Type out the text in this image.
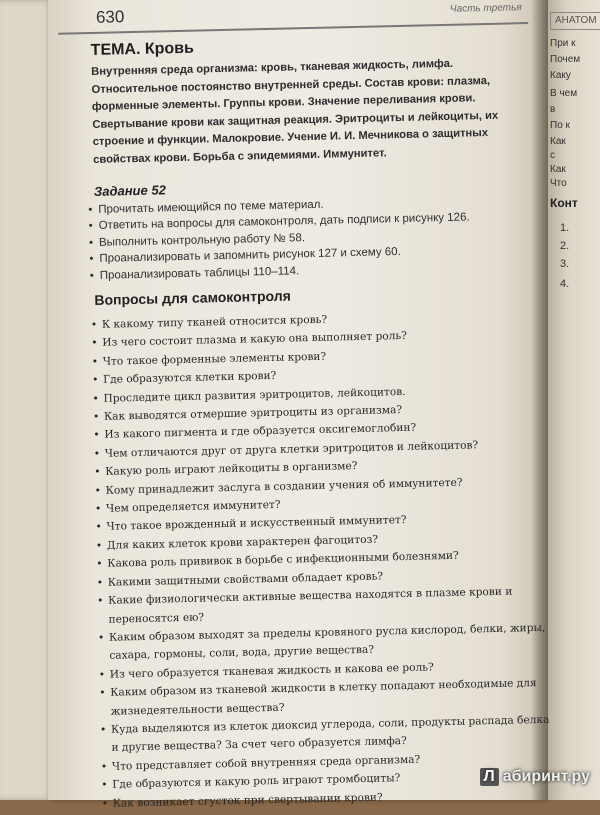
АНАТОМ
При к
Почем
Каку
В чем
в
По к
Как
с
Как
Что
Конт
1.
2.
3.
4.
630	Часть третья
ТЕМА. Кровь
Внутренняя среда организма: кровь, тканевая жидкость, лимфа. Относительное постоянство внутренней среды. Состав крови: плазма, форменные элементы. Группы крови. Значение переливания крови. Свертывание крови как защитная реакция. Эритроциты и лейкоциты, их строение и функции. Малокровие. Учение И. И. Мечникова о защитных свойствах крови. Борьба с эпидемиями. Иммунитет.
Задание 52
• Прочитать имеющийся по теме материал.
• Ответить на вопросы для самоконтроля, дать подписи к рисунку 126.
• Выполнить контрольную работу № 58.
• Проанализировать и запомнить рисунок 127 и схему 60.
• Проанализировать таблицы 110–114.
Вопросы для самоконтроля
• К какому типу тканей относится кровь?
• Из чего состоит плазма и какую она выполняет роль?
• Что такое форменные элементы крови?
• Где образуются клетки крови?
• Проследите цикл развития эритроцитов, лейкоцитов.
• Как выводятся отмершие эритроциты из организма?
• Из какого пигмента и где образуется оксигемоглобин?
• Чем отличаются друг от друга клетки эритроцитов и лейкоцитов?
• Какую роль играют лейкоциты в организме?
• Кому принадлежит заслуга в создании учения об иммунитете?
• Чем определяется иммунитет?
• Что такое врожденный и искусственный иммунитет?
• Для каких клеток крови характерен фагоцитоз?
• Какова роль прививок в борьбе с инфекционными болезнями?
• Какими защитными свойствами обладает кровь?
• Какие физиологически активные вещества находятся в плазме крови и переносятся ею?
• Каким образом выходят за пределы кровяного русла кислород, белки, жиры, сахара, гормоны, соли, вода, другие вещества?
• Из чего образуется тканевая жидкость и какова ее роль?
• Каким образом из тканевой жидкости в клетку попадают необходимые для жизнедеятельности вещества?
• Куда выделяются из клеток диоксид углерода, соли, продукты распада белка и другие вещества? За счет чего образуется лимфа?
• Что представляет собой внутренняя среда организма?
• Где образуются и какую роль играют тромбоциты?
• Как возникает сгусток при свертывании крови?
Л абиринт.ру
